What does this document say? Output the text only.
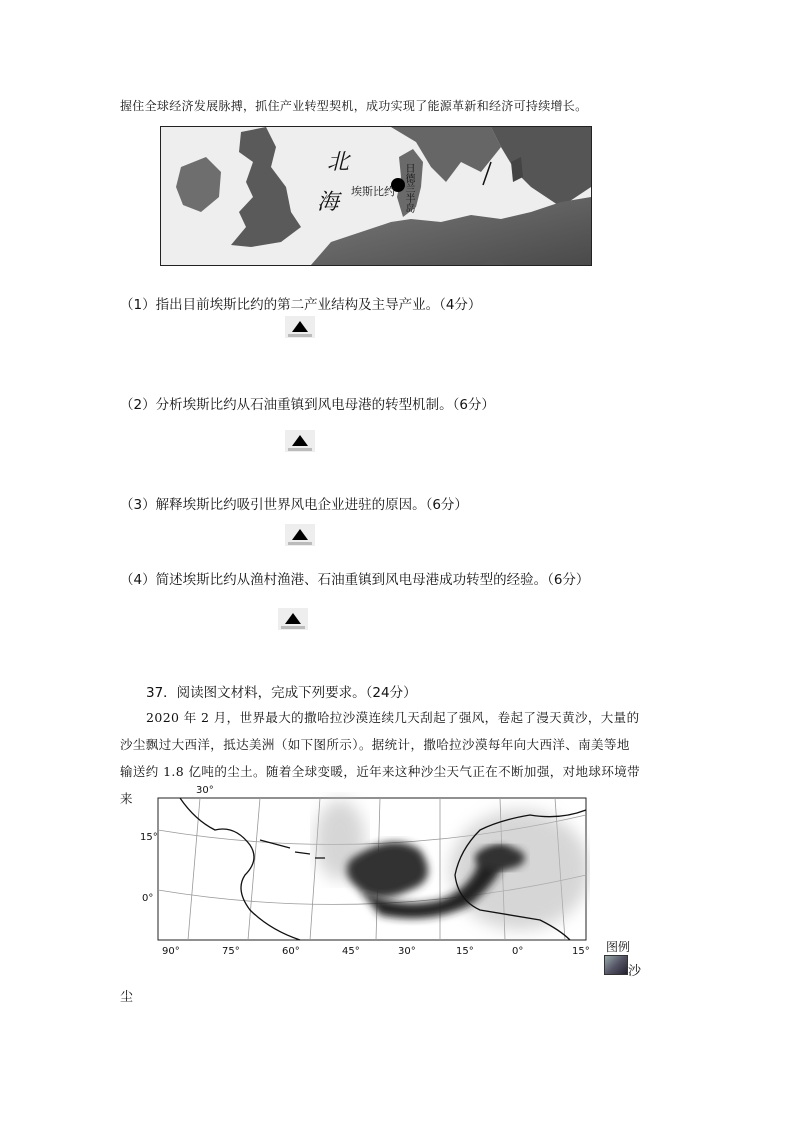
握住全球经济发展脉搏，抓住产业转型契机，成功实现了能源革新和经济可持续增长。
北
海 埃斯比约 日德兰半岛
（1）指出目前埃斯比约的第二产业结构及主导产业。（4分）
（2）分析埃斯比约从石油重镇到风电母港的转型机制。（6分）
（3）解释埃斯比约吸引世界风电企业进驻的原因。（6分）
（4）简述埃斯比约从渔村渔港、石油重镇到风电母港成功转型的经验。（6分）
37．阅读图文材料，完成下列要求。（24分）
2020 年 2 月，世界最大的撒哈拉沙漠连续几天刮起了强风，卷起了漫天黄沙，大量的
沙尘飘过大西洋，抵达美洲（如下图所示）。据统计，撒哈拉沙漠每年向大西洋、南美等地
输送约 1.8 亿吨的尘土。随着全球变暖，近年来这种沙尘天气正在不断加强，对地球环境带
来
30°
15°
0°
90°	75°	60°	45°	30°	15°	0°	15° 图例
沙
尘
